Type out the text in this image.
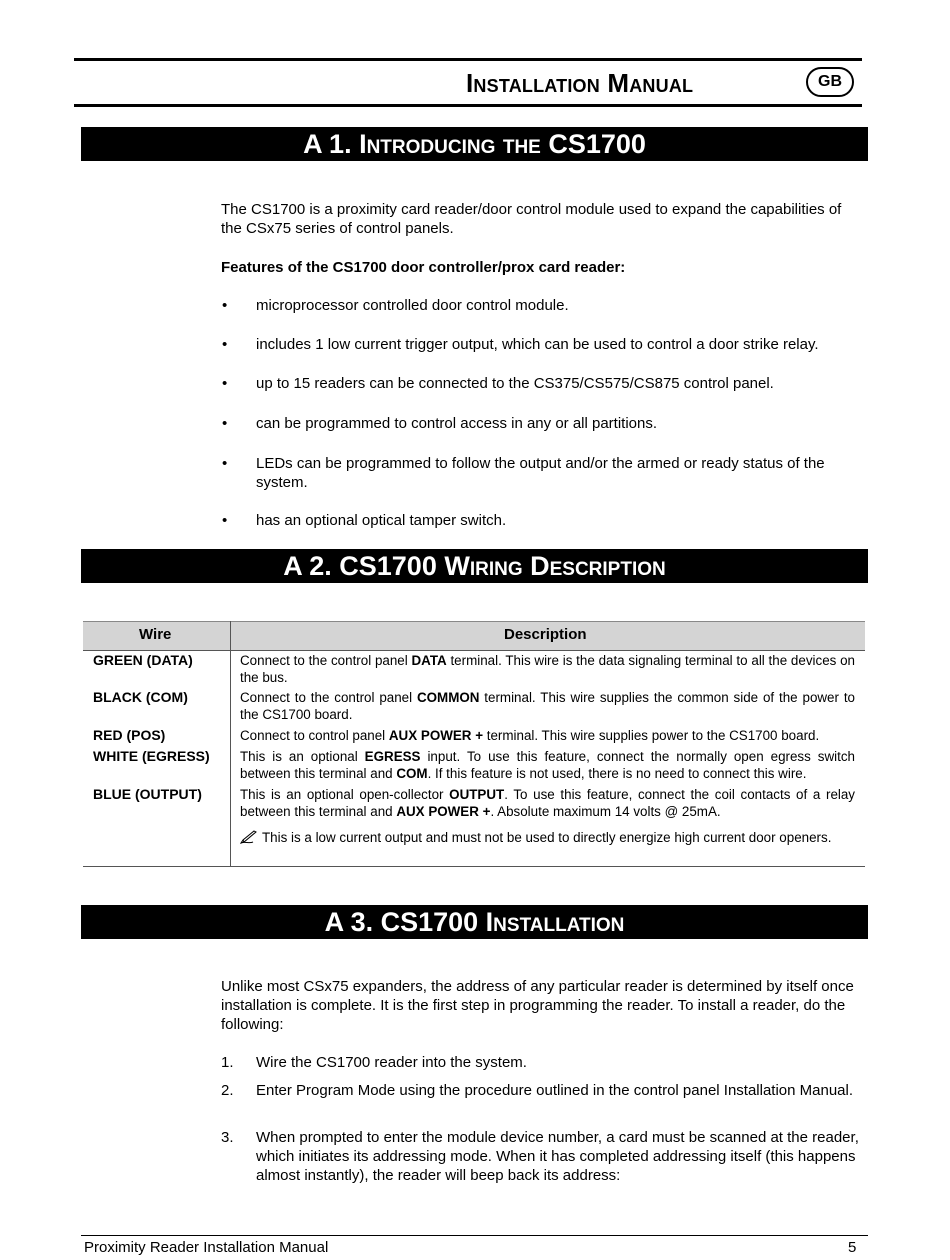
Installation Manual	GB
A 1. Introducing the CS1700
The CS1700 is a proximity card reader/door control module used to expand the capabilities of the CSx75 series of control panels.
Features of the CS1700 door controller/prox card reader:
• microprocessor controlled door control module.
• includes 1 low current trigger output, which can be used to control a door strike relay.
• up to 15 readers can be connected to the CS375/CS575/CS875 control panel.
• can be programmed to control access in any or all partitions.
• LEDs can be programmed to follow the output and/or the armed or ready status of the system.
• has an optional optical tamper switch.
A 2. CS1700 Wiring Description
Wire	Description
GREEN (DATA)	Connect to the control panel DATA terminal. This wire is the data signaling terminal to all the devices on the bus.
BLACK (COM)	Connect to the control panel COMMON terminal. This wire supplies the common side of the power to the CS1700 board.
RED (POS)	Connect to control panel AUX POWER + terminal. This wire supplies power to the CS1700 board.
WHITE (EGRESS) This is an optional EGRESS input. To use this feature, connect the normally open egress switch between this terminal and COM. If this feature is not used, there is no need to connect this wire.
BLUE (OUTPUT)	This is an optional open-collector OUTPUT. To use this feature, connect the coil contacts of a relay between this terminal and AUX POWER +. Absolute maximum 14 volts @ 25mA.
This is a low current output and must not be used to directly energize high current door openers.
A 3. CS1700 Installation
Unlike most CSx75 expanders, the address of any particular reader is determined by itself once installation is complete. It is the first step in programming the reader. To install a reader, do the following:
1. Wire the CS1700 reader into the system.
2. Enter Program Mode using the procedure outlined in the control panel Installation Manual.
3. When prompted to enter the module device number, a card must be scanned at the reader, which initiates its addressing mode. When it has completed addressing itself (this happens almost instantly), the reader will beep back its address:
Proximity Reader Installation Manual	5
